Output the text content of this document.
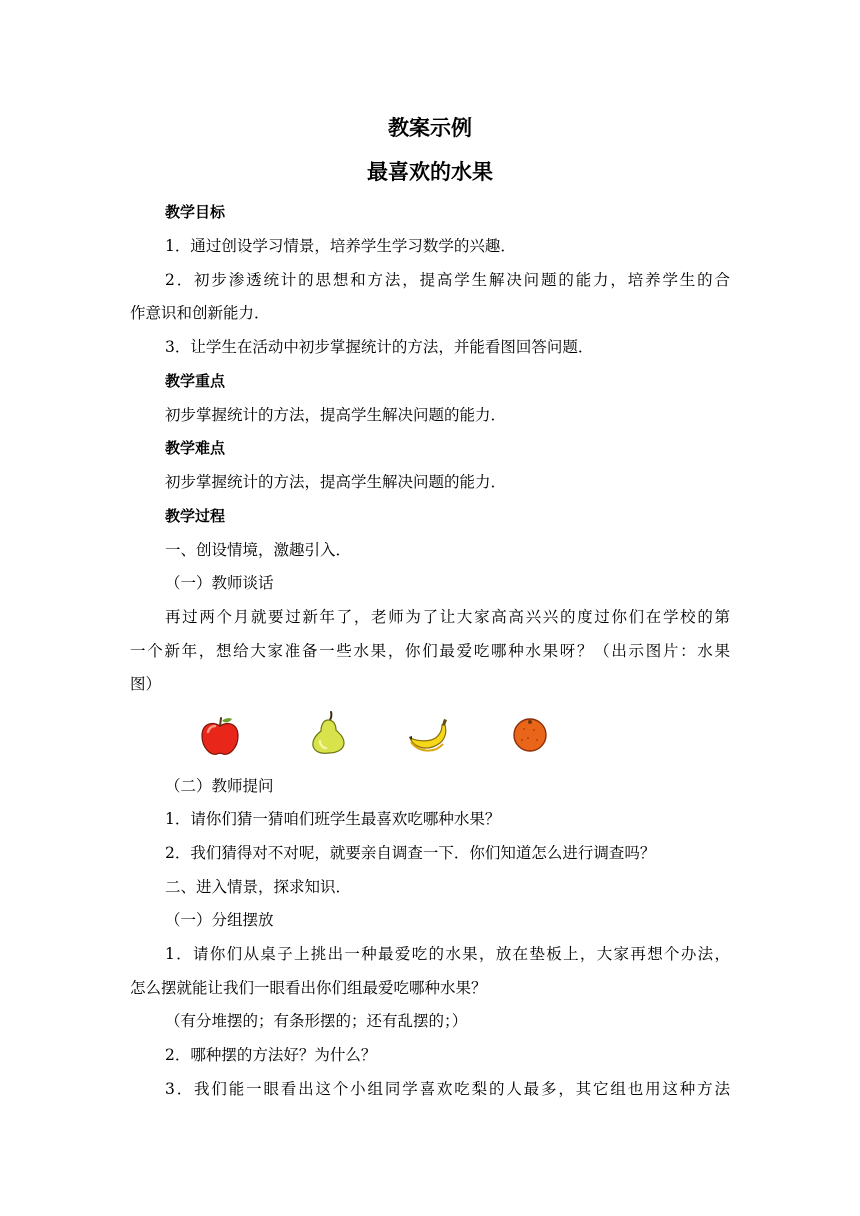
教案示例
最喜欢的水果
教学目标
1．通过创设学习情景，培养学生学习数学的兴趣．
2．初步渗透统计的思想和方法，提高学生解决问题的能力，培养学生的合
作意识和创新能力．
3．让学生在活动中初步掌握统计的方法，并能看图回答问题．
教学重点
初步掌握统计的方法，提高学生解决问题的能力．
教学难点
初步掌握统计的方法，提高学生解决问题的能力．
教学过程
一、创设情境，激趣引入．
（一）教师谈话
再过两个月就要过新年了，老师为了让大家高高兴兴的度过你们在学校的第
一个新年，想给大家准备一些水果，你们最爱吃哪种水果呀？（出示图片：水果
图）
（二）教师提问
1．请你们猜一猜咱们班学生最喜欢吃哪种水果？
2．我们猜得对不对呢，就要亲自调查一下．你们知道怎么进行调查吗？
二、进入情景，探求知识．
（一）分组摆放
1．请你们从桌子上挑出一种最爱吃的水果，放在垫板上，大家再想个办法，
怎么摆就能让我们一眼看出你们组最爱吃哪种水果？
（有分堆摆的；有条形摆的；还有乱摆的；）
2．哪种摆的方法好？为什么？
3．我们能一眼看出这个小组同学喜欢吃梨的人最多，其它组也用这种方法
